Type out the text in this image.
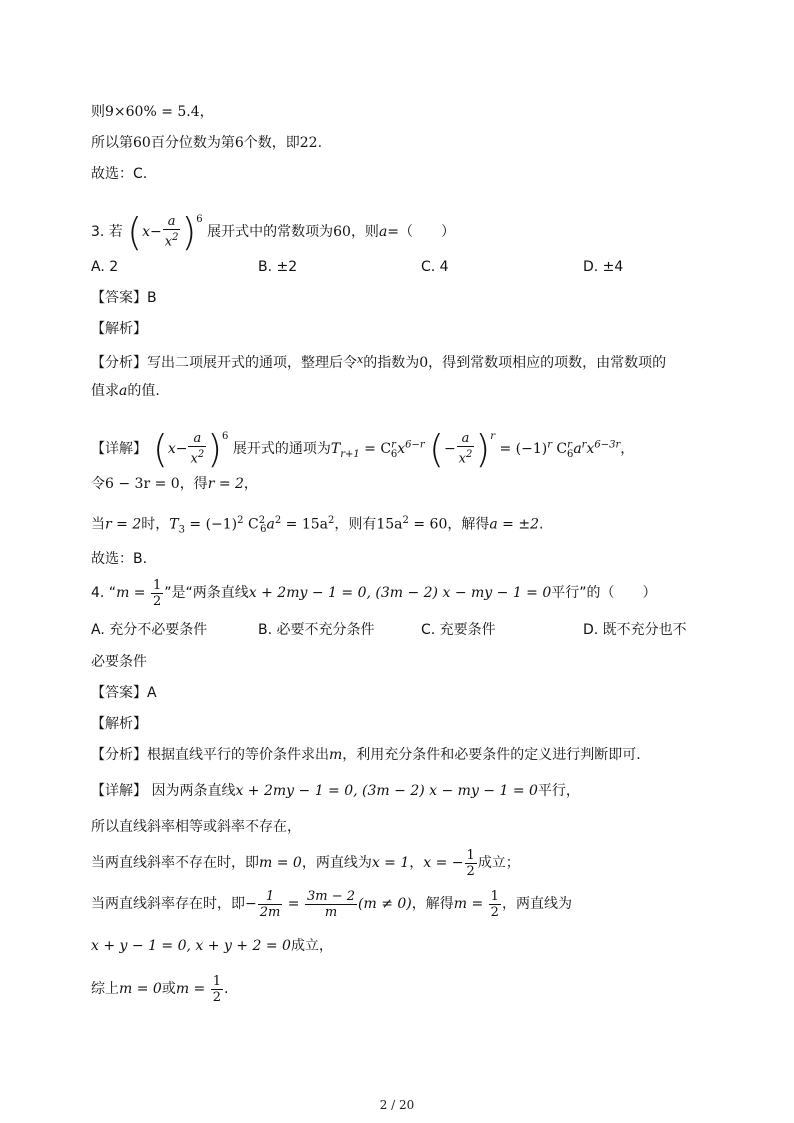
则9×60% = 5.4，
所以第60百分位数为第6个数，即22.
故选：C.
3. 若 $(x- \frac{a}{x^2} )^6$ 展开式中的常数项为60，则a=（　　）
A. 2	B. ±2	C. 4	D. ±4
【答案】B
【解析】
【分析】写出二项展开式的通项，整理后令$^x$的指数为0，得到常数项相应的项数，由常数项的
值求a的值.
【详解】 $(x- \frac{a}{x^2} )^6$ 展开式的通项为$T_{r+1} = C^r_6x^{6-r}$ (− $\frac{a}{x^2} )^r = (-1)^r$ $C^r_6a^rx^{6-3r}$，
令6 − 3r = 0，得r = 2，
当r = 2时，$T_3 = (-1)^2$ $C^2_6a^2 = 15a^2$，则有$15a^2 = 60$，解得a = ±2.
故选：B.
4. “$m = \frac{1}{2}$ ”是“两条直线x + 2my − 1 = 0, (3m − 2) x − my − 1 = 0平行”的（　　）
A. 充分不必要条件	B. 必要不充分条件	C. 充要条件	D. 既不充分也不
必要条件
【答案】A
【解析】
【分析】根据直线平行的等价条件求出m，利用充分条件和必要条件的定义进行判断即可.
【详解】 因为两条直线x + 2my − 1 = 0, (3m − 2) x − my − 1 = 0平行，
所以直线斜率相等或斜率不存在，
当两直线斜率不存在时，即m = 0，两直线为x = 1，x = − $\frac{1}{2}$ 成立；
当两直线斜率存在时，即− $\frac{1}{2m} = \frac{3m - 2}{m} (m \ne 0)$，解得$m = \frac{1}{2}$ ，两直线为
x + y − 1 = 0, x + y + 2 = 0成立，
综上m = 0或$m = \frac{1}{2}$ .
2 / 20
